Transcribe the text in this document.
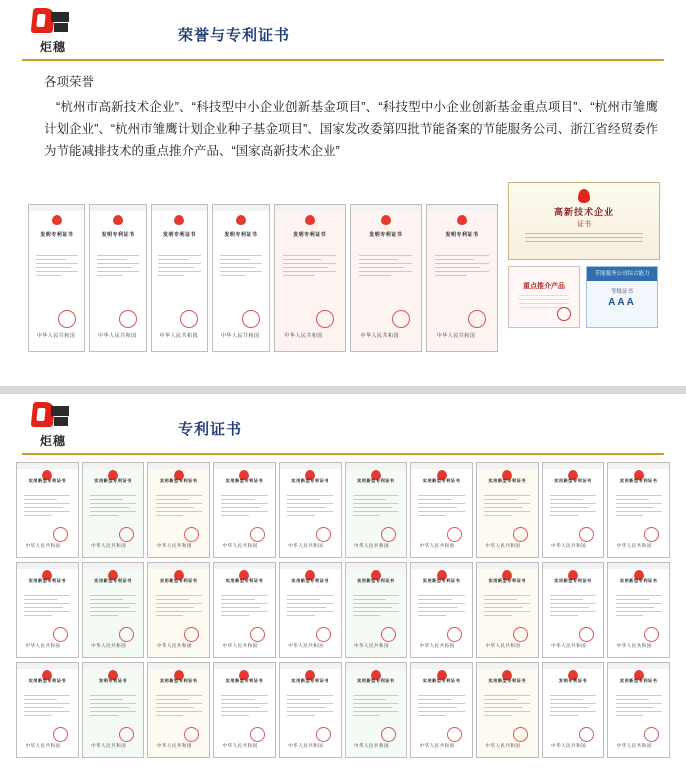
炬穗
荣誉与专利证书
各项荣誉
“杭州市高新技术企业”、“科技型中小企业创新基金项目”、“科技型中小企业创新基金重点项目”、“杭州市雏鹰计划企业”、“杭州市雏鹰计划企业种子基金项目”、国家发改委第四批节能备案的节能服务公司、浙江省经贸委作为节能减排技术的重点推介产品、“国家高新技术企业”
发明专利证书
中华人民共和国
发明专利证书
中华人民共和国
发明专利证书
中华人民共和国
发明专利证书
中华人民共和国
发明专利证书
中华人民共和国
发明专利证书
中华人民共和国
发明专利证书
中华人民共和国
高新技术企业
证书
重点推介产品
节能服务公司综合能力
等级证书
AAA
炬穗
专利证书
实用新型专利证书
中华人民共和国
实用新型专利证书
中华人民共和国
实用新型专利证书
中华人民共和国
实用新型专利证书
中华人民共和国
实用新型专利证书
中华人民共和国
实用新型专利证书
中华人民共和国
实用新型专利证书
中华人民共和国
实用新型专利证书
中华人民共和国
实用新型专利证书
中华人民共和国
实用新型专利证书
中华人民共和国
实用新型专利证书
中华人民共和国
实用新型专利证书
中华人民共和国
实用新型专利证书
中华人民共和国
实用新型专利证书
中华人民共和国
实用新型专利证书
中华人民共和国
实用新型专利证书
中华人民共和国
实用新型专利证书
中华人民共和国
实用新型专利证书
中华人民共和国
实用新型专利证书
中华人民共和国
实用新型专利证书
中华人民共和国
实用新型专利证书
中华人民共和国
发明专利证书
中华人民共和国
实用新型专利证书
中华人民共和国
实用新型专利证书
中华人民共和国
实用新型专利证书
中华人民共和国
实用新型专利证书
中华人民共和国
实用新型专利证书
中华人民共和国
实用新型专利证书
中华人民共和国
发明专利证书
中华人民共和国
实用新型专利证书
中华人民共和国
